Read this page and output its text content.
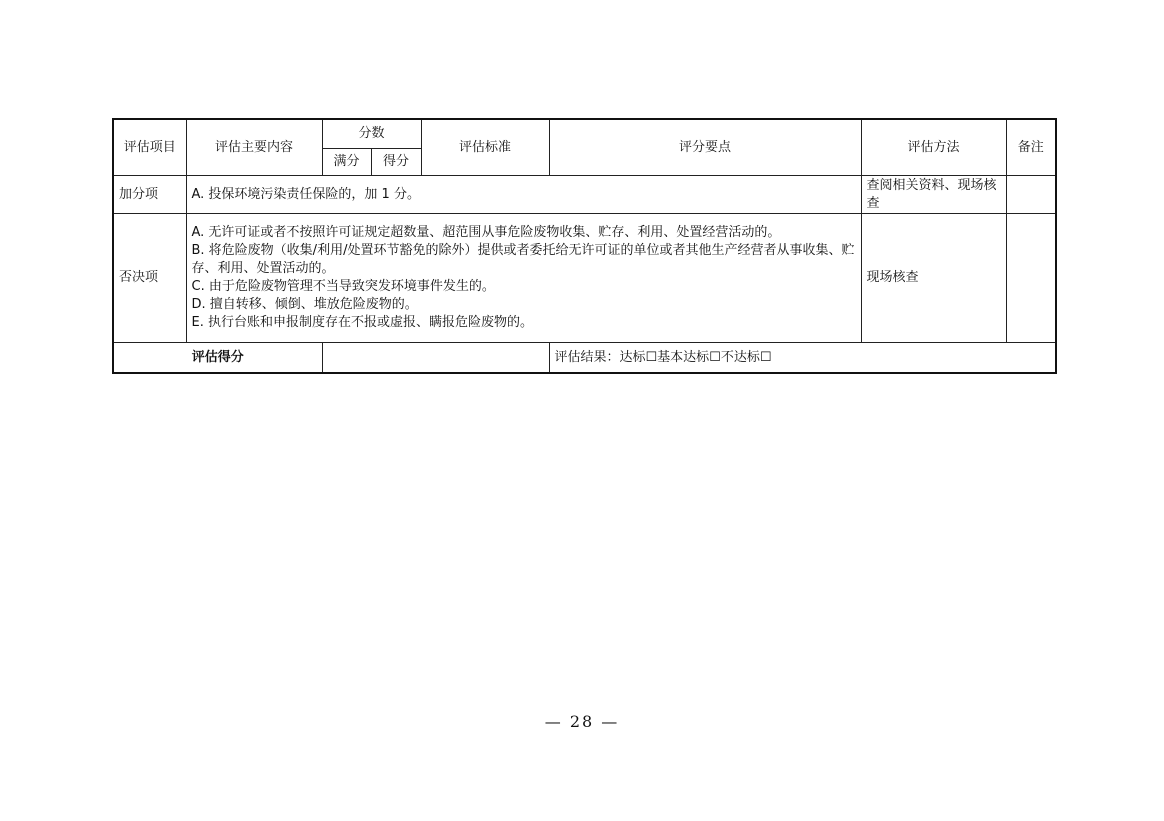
评估项目	评估主要内容	分数		评估标准	评分要点	评估方法	备注
		满分	得分				
加分项	A. 投保环境污染责任保险的，加 1 分。					查阅相关资料、现场核查	
否决项	A. 无许可证或者不按照许可证规定超数量、超范围从事危险废物收集、贮存、利用、处置经营活动的。
B. 将危险废物（收集/利用/处置环节豁免的除外）提供或者委托给无许可证的单位或者其他生产经营者从事收集、贮存、利用、处置活动的。
C. 由于危险废物管理不当导致突发环境事件发生的。
D. 擅自转移、倾倒、堆放危险废物的。
E. 执行台账和申报制度存在不报或虚报、瞒报危险废物的。					现场核查	
评估得分					评估结果：达标☐基本达标☐不达标☐		
— 28 —
